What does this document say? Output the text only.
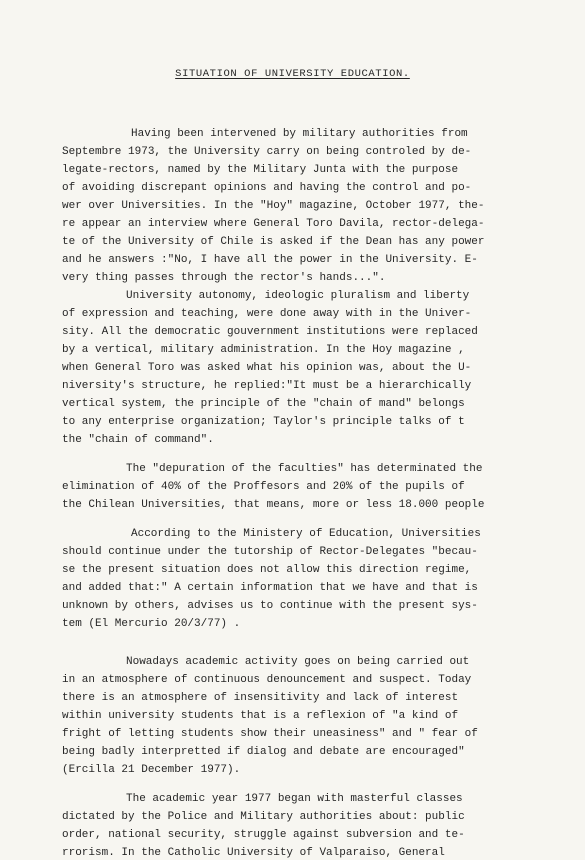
SITUATION OF UNIVERSITY EDUCATION.
Having been intervened by military authorities from
Septembre 1973, the University carry on being controled by de-
legate-rectors, named by the Military Junta with the purpose
of avoiding discrepant opinions and having the control and po-
wer over Universities. In the "Hoy" magazine, October 1977, the-
re appear an interview where General Toro Davila, rector-delega-
te of the University of Chile is asked if the Dean has any power
and he answers :"No, I have all the power in the University. E-
very thing passes through the rector's hands...".
University autonomy, ideologic pluralism and liberty
of expression and teaching, were done away with in the Univer-
sity. All the democratic gouvernment institutions were replaced
by a vertical, military administration. In the Hoy magazine ,
when General Toro was asked what his opinion was, about the U-
niversity's structure, he replied:"It must be a hierarchically
vertical system, the principle of the "chain of mand" belongs
to any enterprise organization; Taylor's principle talks of t
the "chain of command".
The "depuration of the faculties" has determinated the
elimination of 40% of the Proffesors and 20% of the pupils of
the Chilean Universities, that means, more or less 18.000 people
According to the Ministery of Education, Universities
should continue under the tutorship of Rector-Delegates "becau-
se the present situation does not allow this direction regime,
and added that:" A certain information that we have and that is
unknown by others, advises us to continue with the present sys-
tem (El Mercurio 20/3/77) .
Nowadays academic activity goes on being carried out
in an atmosphere of continuous denouncement and suspect. Today
there is an atmosphere of insensitivity and lack of interest
within university students that is a reflexion of "a kind of
fright of letting students show their uneasiness" and " fear of
being badly interpretted if dialog and debate are encouraged"
(Ercilla 21 December 1977).
The academic year 1977 began with masterful classes
dictated by the Police and Military authorities about: public
order, national security, struggle against subversion and te-
rrorism. In the Catholic University of Valparaiso, General
